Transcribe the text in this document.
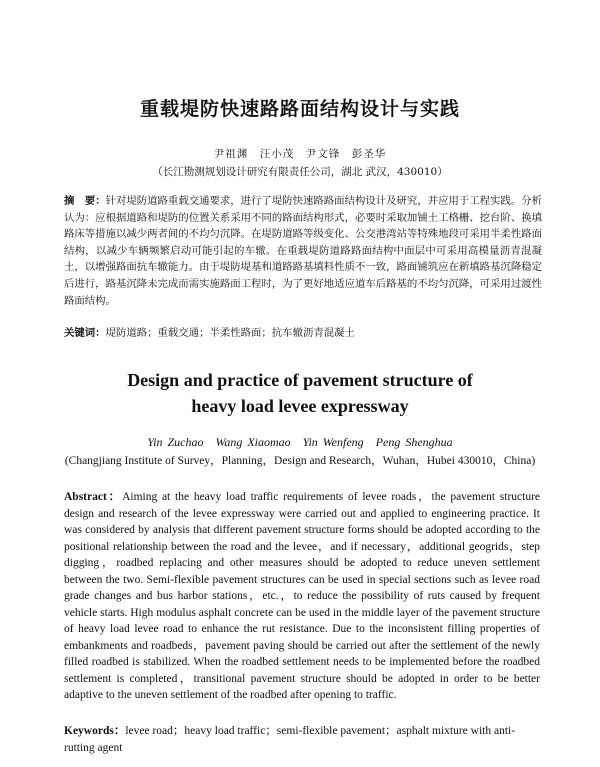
重载堤防快速路路面结构设计与实践
尹祖渊　汪小茂　尹文锋　彭圣华
（长江勘测规划设计研究有限责任公司，湖北 武汉，430010）
摘　要：针对堤防道路重载交通要求，进行了堤防快速路路面结构设计及研究，并应用于工程实践。分析认为：应根据道路和堤防的位置关系采用不同的路面结构形式，必要时采取加铺土工格栅、挖台阶、换填路床等措施以减少两者间的不均匀沉降。在堤防道路等级变化、公交港湾站等特殊地段可采用半柔性路面结构，以减少车辆频繁启动可能引起的车辙。在重载堤防道路路面结构中面层中可采用高模量沥青混凝土，以增强路面抗车辙能力。由于堤防堤基和道路路基填料性质不一致，路面铺筑应在新填路基沉降稳定后进行，路基沉降未完成而需实施路面工程时，为了更好地适应道车后路基的不均匀沉降，可采用过渡性路面结构。
关键词：堤防道路；重载交通；半柔性路面；抗车辙沥青混凝土
Design and practice of pavement structure of
heavy load levee expressway
Yin Zuchao　Wang Xiaomao　Yin Wenfeng　Peng Shenghua
(Changjiang Institute of Survey，Planning，Design and Research，Wuhan，Hubei 430010，China)
Abstract：Aiming at the heavy load traffic requirements of levee roads，the pavement structure design and research of the levee expressway were carried out and applied to engineering practice. It was considered by analysis that different pavement structure forms should be adopted according to the positional relationship between the road and the levee，and if necessary，additional geogrids，step digging，roadbed replacing and other measures should be adopted to reduce uneven settlement between the two. Semi-flexible pavement structures can be used in special sections such as levee road grade changes and bus harbor stations，etc.，to reduce the possibility of ruts caused by frequent vehicle starts. High modulus asphalt concrete can be used in the middle layer of the pavement structure of heavy load levee road to enhance the rut resistance. Due to the inconsistent filling properties of embankments and roadbeds，pavement paving should be carried out after the settlement of the newly filled roadbed is stabilized. When the roadbed settlement needs to be implemented before the roadbed settlement is completed，transitional pavement structure should be adopted in order to be better adaptive to the uneven settlement of the roadbed after opening to traffic.
Keywords：levee road；heavy load traffic；semi-flexible pavement；asphalt mixture with anti-rutting agent
